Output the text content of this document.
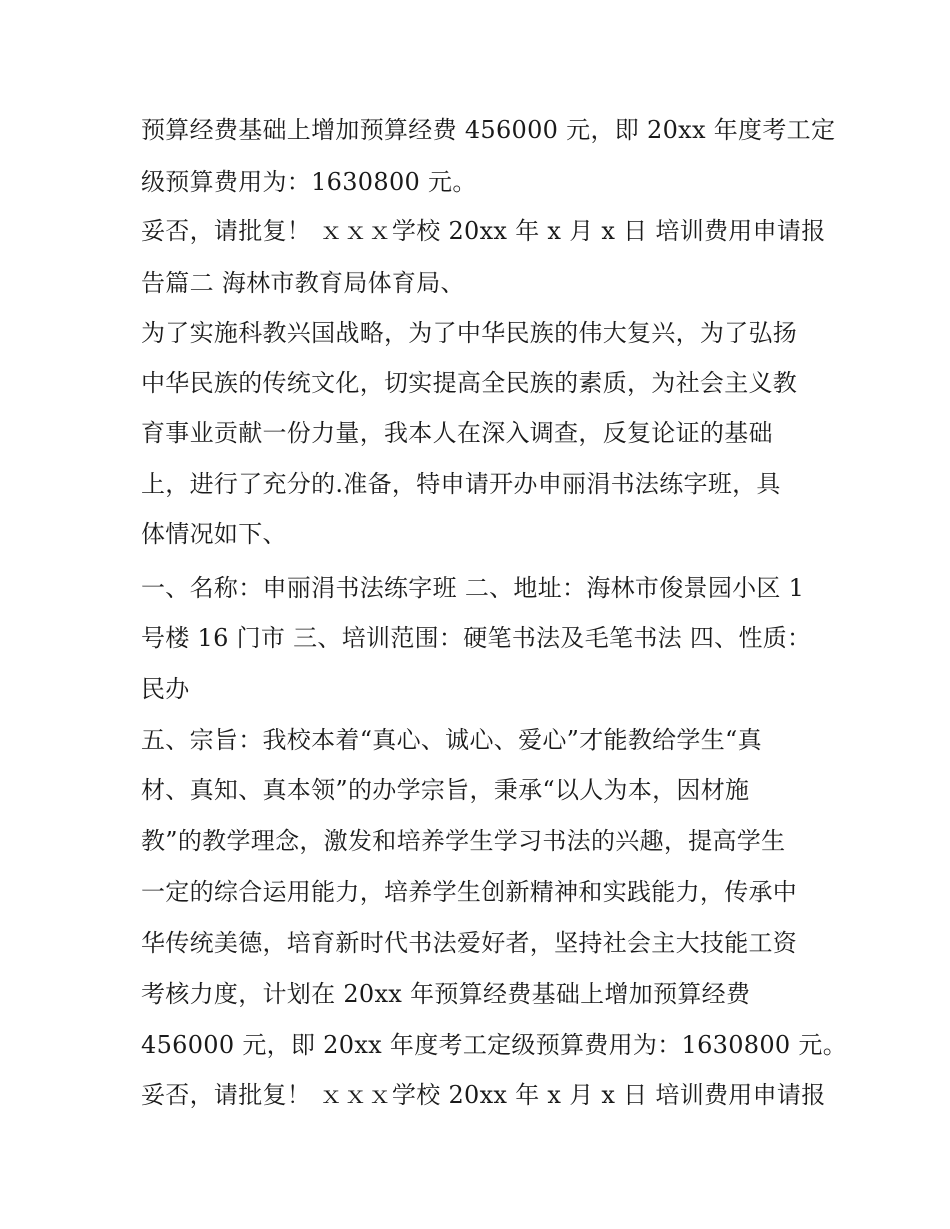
预算经费基础上增加预算经费 456000 元，即 20xx 年度考工定
级预算费用为：1630800 元。
妥否，请批复！ ｘｘｘ学校 20xx 年 x 月 x 日 培训费用申请报
告篇二 海林市教育局体育局、
为了实施科教兴国战略，为了中华民族的伟大复兴，为了弘扬
中华民族的传统文化，切实提高全民族的素质，为社会主义教
育事业贡献一份力量，我本人在深入调查，反复论证的基础
上，进行了充分的.准备，特申请开办申丽涓书法练字班，具
体情况如下、
一、名称：申丽涓书法练字班 二、地址：海林市俊景园小区 1
号楼 16 门市 三、培训范围：硬笔书法及毛笔书法 四、性质：
民办
五、宗旨：我校本着“真心、诚心、爱心”才能教给学生“真
材、真知、真本领”的办学宗旨，秉承“以人为本，因材施
教”的教学理念，激发和培养学生学习书法的兴趣，提高学生
一定的综合运用能力，培养学生创新精神和实践能力，传承中
华传统美德，培育新时代书法爱好者，坚持社会主大技能工资
考核力度，计划在 20xx 年预算经费基础上增加预算经费
456000 元，即 20xx 年度考工定级预算费用为：1630800 元。
妥否，请批复！ ｘｘｘ学校 20xx 年 x 月 x 日 培训费用申请报
